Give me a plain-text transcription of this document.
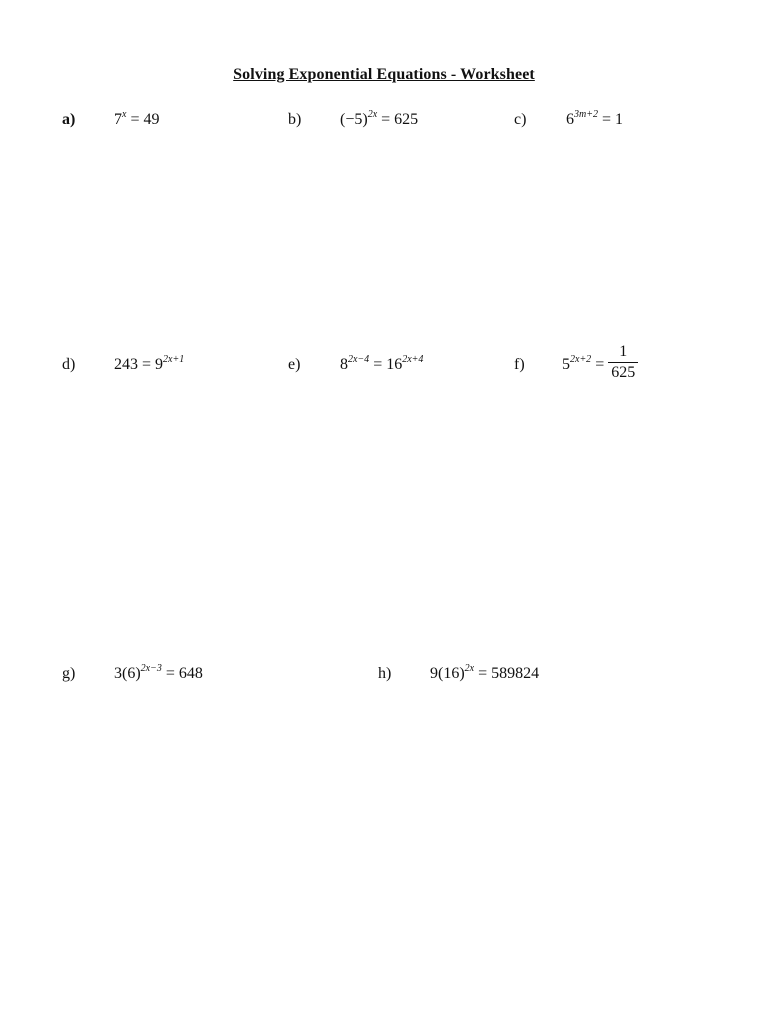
Solving Exponential Equations - Worksheet
a) $7^x = 49$	b) $(-5)^{2x} = 625$	c) $6^{3m+2} = 1$
d) $243 = 9^{2x+1}$	e) $8^{2x-4} = 16^{2x+4}$	f) $5^{2x+2} = \frac{1}{625}$
g) $3(6)^{2x-3} = 648$	h) $9(16)^{2x} = 589824$
